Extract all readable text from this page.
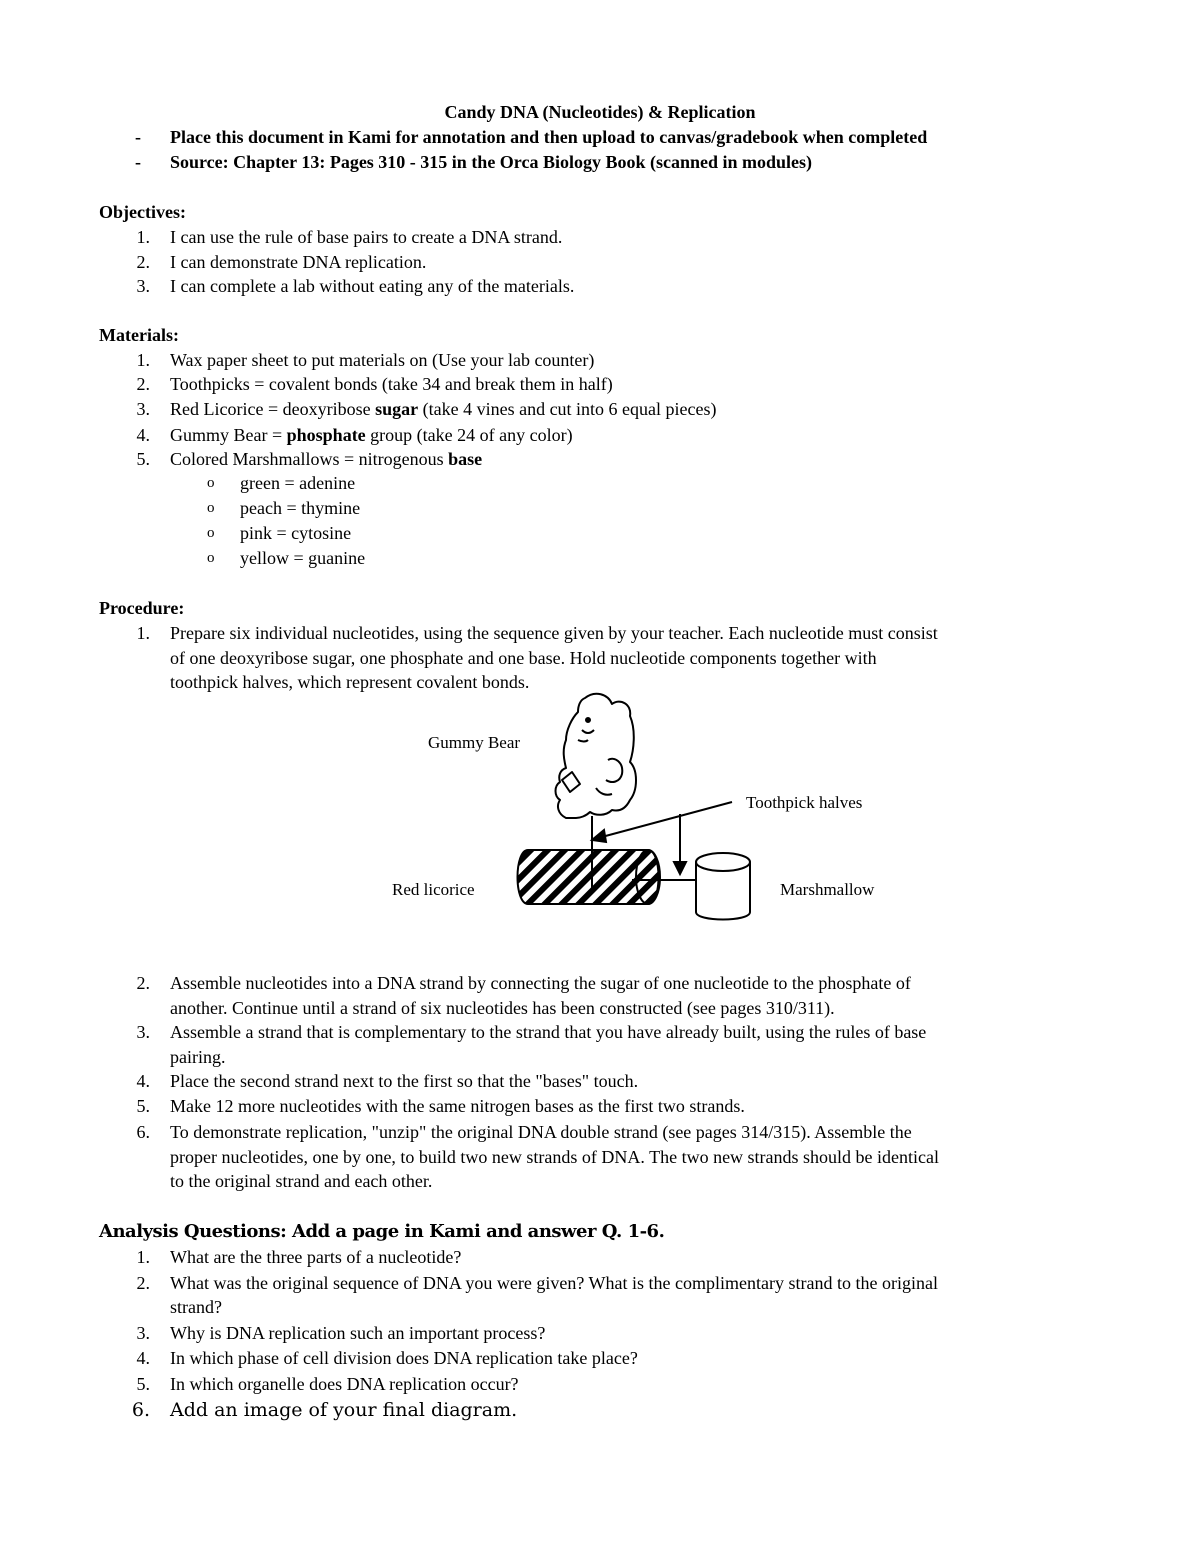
Candy DNA (Nucleotides) & Replication
- Place this document in Kami for annotation and then upload to canvas/gradebook when completed
- Source: Chapter 13: Pages 310 - 315 in the Orca Biology Book (scanned in modules)
Objectives:
1. I can use the rule of base pairs to create a DNA strand.
2. I can demonstrate DNA replication.
3. I can complete a lab without eating any of the materials.
Materials:
1. Wax paper sheet to put materials on (Use your lab counter)
2. Toothpicks = covalent bonds (take 34 and break them in half)
3. Red Licorice = deoxyribose sugar (take 4 vines and cut into 6 equal pieces)
4. Gummy Bear = phosphate group (take 24 of any color)
5. Colored Marshmallows = nitrogenous base
o green = adenine
o peach = thymine
o pink = cytosine
o yellow = guanine
Procedure:
1. Prepare six individual nucleotides, using the sequence given by your teacher. Each nucleotide must consist
of one deoxyribose sugar, one phosphate and one base. Hold nucleotide components together with
toothpick halves, which represent covalent bonds.
Gummy Bear
Toothpick halves
Red licorice	Marshmallow
2. Assemble nucleotides into a DNA strand by connecting the sugar of one nucleotide to the phosphate of
another. Continue until a strand of six nucleotides has been constructed (see pages 310/311).
3. Assemble a strand that is complementary to the strand that you have already built, using the rules of base
pairing.
4. Place the second strand next to the first so that the "bases" touch.
5. Make 12 more nucleotides with the same nitrogen bases as the first two strands.
6. To demonstrate replication, "unzip" the original DNA double strand (see pages 314/315). Assemble the
proper nucleotides, one by one, to build two new strands of DNA. The two new strands should be identical
to the original strand and each other.
Analysis Questions: Add a page in Kami and answer Q. 1-6.
1. What are the three parts of a nucleotide?
2. What was the original sequence of DNA you were given? What is the complimentary strand to the original
strand?
3. Why is DNA replication such an important process?
4. In which phase of cell division does DNA replication take place?
5. In which organelle does DNA replication occur?
6. Add an image of your final diagram.
